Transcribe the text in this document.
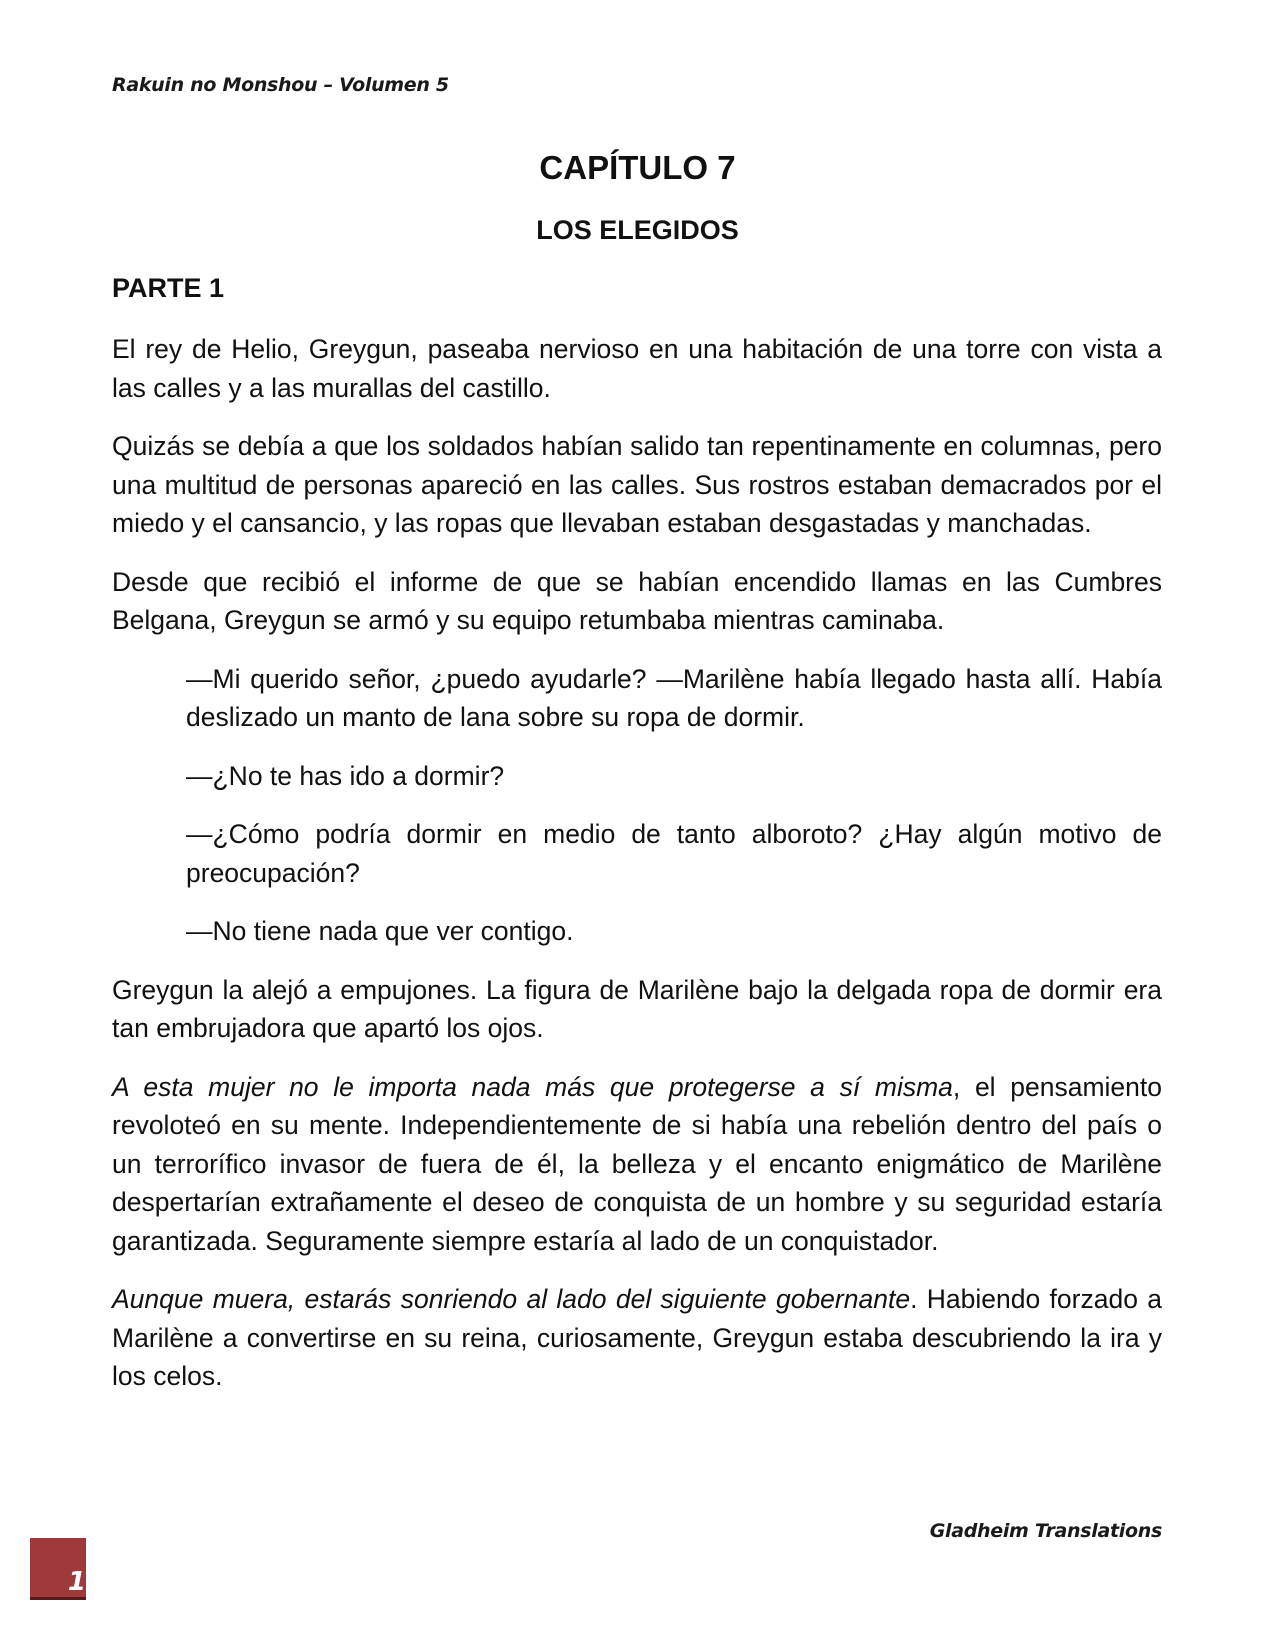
Rakuin no Monshou – Volumen 5
CAPÍTULO 7
LOS ELEGIDOS
PARTE 1

El rey de Helio, Greygun, paseaba nervioso en una habitación de una torre con vista a las calles y a las murallas del castillo.

Quizás se debía a que los soldados habían salido tan repentinamente en columnas, pero una multitud de personas apareció en las calles. Sus rostros estaban demacrados por el miedo y el cansancio, y las ropas que llevaban estaban desgastadas y manchadas.

Desde que recibió el informe de que se habían encendido llamas en las Cumbres Belgana, Greygun se armó y su equipo retumbaba mientras caminaba.

—Mi querido señor, ¿puedo ayudarle? —Marilène había llegado hasta allí. Había deslizado un manto de lana sobre su ropa de dormir.

—¿No te has ido a dormir?

—¿Cómo podría dormir en medio de tanto alboroto? ¿Hay algún motivo de preocupación?

—No tiene nada que ver contigo.

Greygun la alejó a empujones. La figura de Marilène bajo la delgada ropa de dormir era tan embrujadora que apartó los ojos.

A esta mujer no le importa nada más que protegerse a sí misma, el pensamiento revoloteó en su mente. Independientemente de si había una rebelión dentro del país o un terrorífico invasor de fuera de él, la belleza y el encanto enigmático de Marilène despertarían extrañamente el deseo de conquista de un hombre y su seguridad estaría garantizada. Seguramente siempre estaría al lado de un conquistador.

Aunque muera, estarás sonriendo al lado del siguiente gobernante. Habiendo forzado a Marilène a convertirse en su reina, curiosamente, Greygun estaba descubriendo la ira y los celos.

Gladheim Translations
1
